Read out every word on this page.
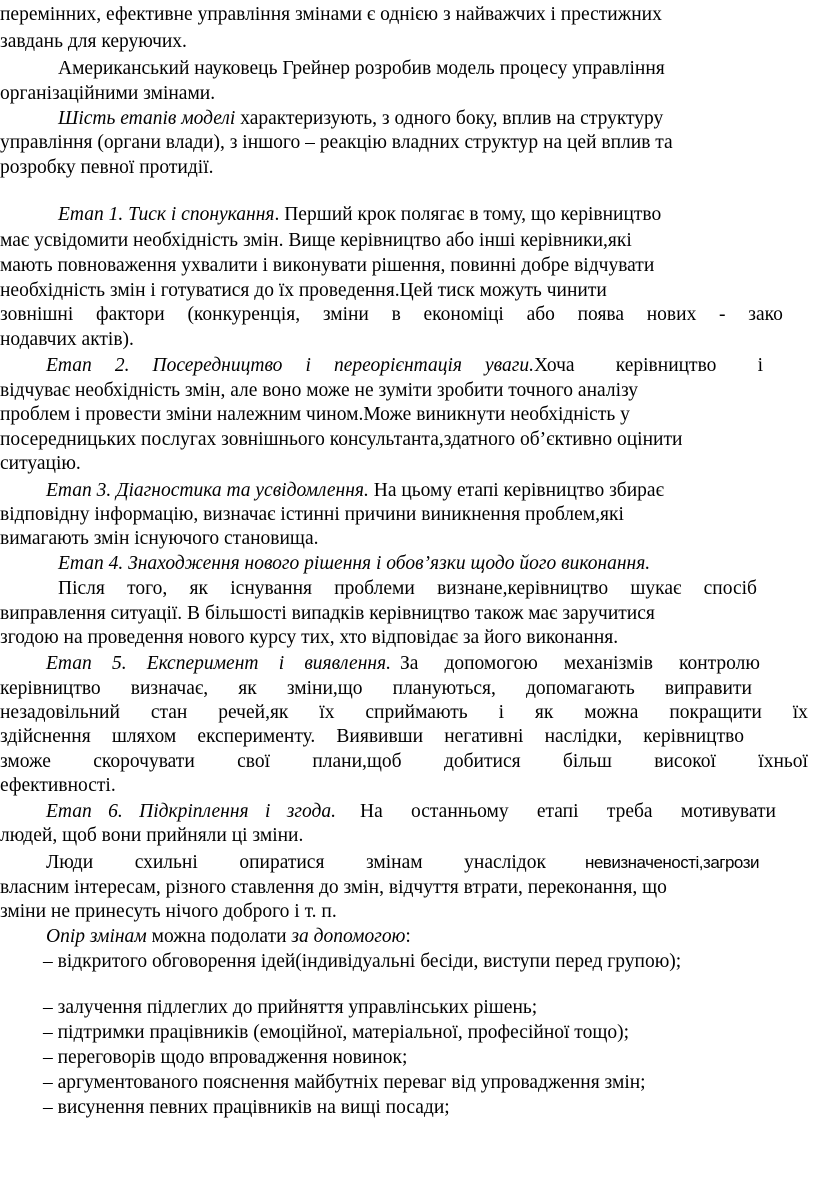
перемінних, ефективне управління змінами є однією з найважчих і престижних
завдань для керуючих.
Американський науковець Грейнер розробив модель процесу управління
організаційними змінами.
Шість етапів моделі характеризують, з одного боку, вплив на структуру
управління (органи влади), з іншого – реакцію владних структур на цей вплив та
розробку певної протидії.
Етап 1. Тиск і спонукання. Перший крок полягає в тому, що керівництво
має усвідомити необхідність змін. Вище керівництво або інші керівники,які
мають повноваження ухвалити і виконувати рішення, повинні добре відчувати
необхідність змін і готуватися до їх проведення.Цей тиск можуть чинити
зовнішні фактори (конкуренція, зміни в економіці або поява нових - зако
нодавчих актів).
Етап 2. Посередництво і переорієнтація уваги. Хоча керівництво і
відчуває необхідність змін, але воно може не зуміти зробити точного аналізу
проблем і провести зміни належним чином.Може виникнути необхідність у
посередницьких послугах зовнішнього консультанта,здатного об’єктивно оцінити
ситуацію.
Етап 3. Діагностика та усвідомлення. На цьому етапі керівництво збирає
відповідну інформацію, визначає істинні причини виникнення проблем,які
вимагають змін існуючого становища.
Етап 4. Знаходження нового рішення і обов’язки щодо його виконання.
Після того, як існування проблеми визнане,керівництво шукає спосіб
виправлення ситуації. В більшості випадків керівництво також має заручитися
згодою на проведення нового курсу тих, хто відповідає за його виконання.
Етап 5. Експеримент і виявлення. За допомогою механізмів контролю
керівництво визначає, як зміни,що плануються, допомагають виправити
незадовільний стан речей,як їх сприймають і як можна покращити їх
здійснення шляхом експерименту. Виявивши негативні наслідки, керівництво
зможе скорочувати свої плани,щоб добитися більш високої їхньої
ефективності.
Етап 6. Підкріплення і згода. На останньому етапі треба мотивувати
людей, щоб вони прийняли ці зміни.
Люди схильні опиратися змінам унаслідок невизначеності,загрози
власним інтересам, різного ставлення до змін, відчуття втрати, переконання, що
зміни не принесуть нічого доброго і т. п.
Опір змінам можна подолати за допомогою:
– відкритого обговорення ідей(індивідуальні бесіди, виступи перед групою);
– залучення підлеглих до прийняття управлінських рішень;
– підтримки працівників (емоційної, матеріальної, професійної тощо);
– переговорів щодо впровадження новинок;
– аргументованого пояснення майбутніх переваг від упровадження змін;
– висунення певних працівників на вищі посади;
